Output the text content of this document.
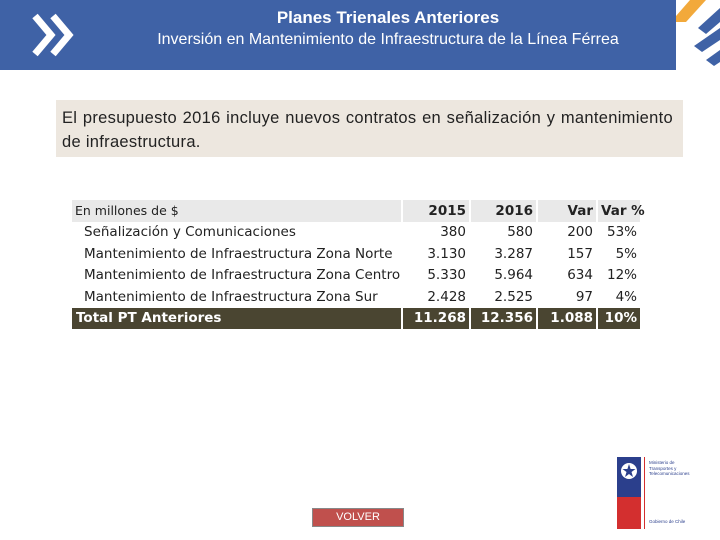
Planes Trienales Anteriores
Inversión en Mantenimiento de Infraestructura de la Línea Férrea
El presupuesto 2016 incluye nuevos contratos en señalización y mantenimiento de infraestructura.
En millones de $	2015	2016	Var	Var %
Señalización y Comunicaciones	380	580	200	53%
Mantenimiento de Infraestructura Zona Norte	3.130	3.287	157	5%
Mantenimiento de Infraestructura Zona Centro	5.330	5.964	634	12%
Mantenimiento de Infraestructura Zona Sur	2.428	2.525	97	4%
Total PT Anteriores	11.268	12.356	1.088	10%
VOLVER
Ministerio de Transportes y Telecomunicaciones
Gobierno de Chile
